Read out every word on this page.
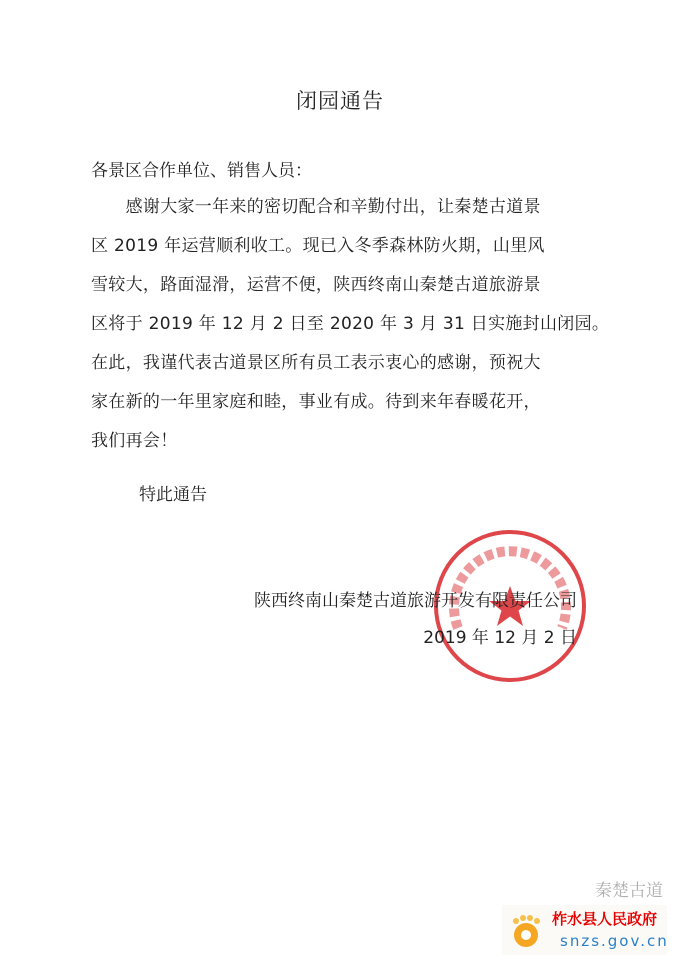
闭园通告
各景区合作单位、销售人员：
　　感谢大家一年来的密切配合和辛勤付出，让秦楚古道景
区 2019 年运营顺利收工。现已入冬季森林防火期，山里风
雪较大，路面湿滑，运营不便，陕西终南山秦楚古道旅游景
区将于 2019 年 12 月 2 日至 2020 年 3 月 31 日实施封山闭园。
在此，我谨代表古道景区所有员工表示衷心的感谢，预祝大
家在新的一年里家庭和睦，事业有成。待到来年春暖花开，
我们再会！
特此通告
陕西终南山秦楚古道旅游开发有限责任公司
2019 年 12 月 2 日
秦楚古道
柞水县人民政府
snzs.gov.cn
